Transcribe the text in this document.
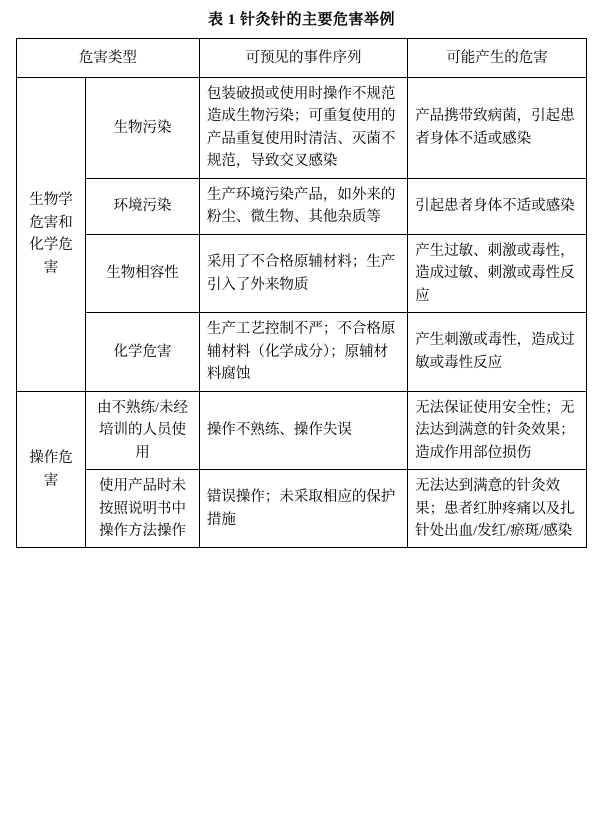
表 1 针灸针的主要危害举例
危害类型		可预见的事件序列	可能产生的危害
生物学危害和化学危害	生物污染	包装破损或使用时操作不规范造成生物污染；可重复使用的产品重复使用时清洁、灭菌不规范，导致交叉感染	产品携带致病菌，引起患者身体不适或感染
	环境污染	生产环境污染产品，如外来的粉尘、微生物、其他杂质等	引起患者身体不适或感染
	生物相容性	采用了不合格原辅材料；生产引入了外来物质	产生过敏、刺激或毒性，造成过敏、刺激或毒性反应
	化学危害	生产工艺控制不严；不合格原辅材料（化学成分）；原辅材料腐蚀	产生刺激或毒性，造成过敏或毒性反应
操作危害	由不熟练/未经培训的人员使用	操作不熟练、操作失误	无法保证使用安全性；无法达到满意的针灸效果；造成作用部位损伤
	使用产品时未按照说明书中操作方法操作	错误操作；未采取相应的保护措施	无法达到满意的针灸效果；患者红肿疼痛以及扎针处出血/发红/瘀斑/感染
